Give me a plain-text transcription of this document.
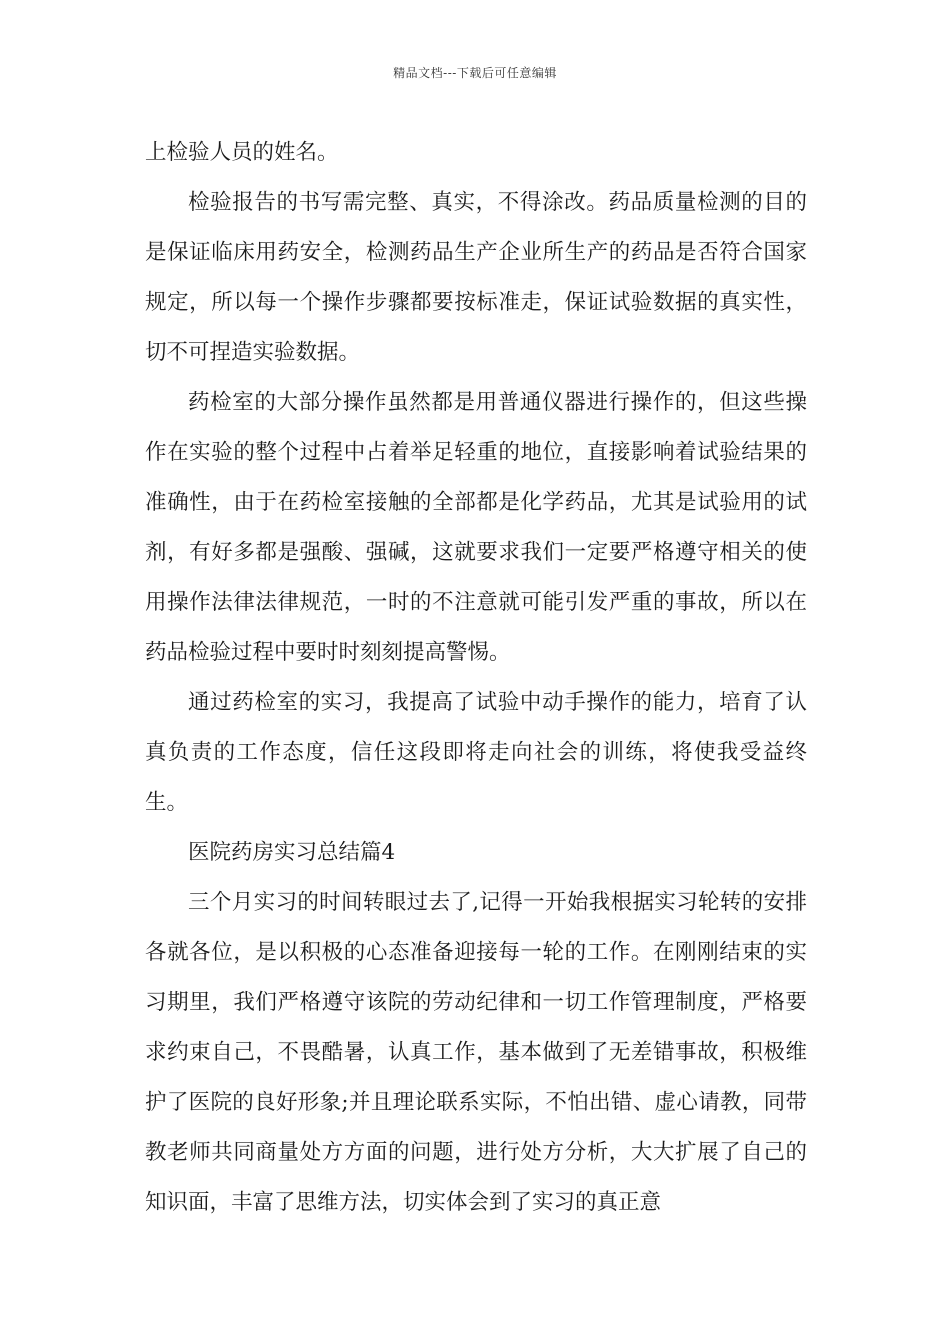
精品文档---下载后可任意编辑

上检验人员的姓名。

检验报告的书写需完整、真实，不得涂改。药品质量检测的目的是保证临床用药安全，检测药品生产企业所生产的药品是否符合国家规定，所以每一个操作步骤都要按标准走，保证试验数据的真实性，切不可捏造实验数据。

药检室的大部分操作虽然都是用普通仪器进行操作的，但这些操作在实验的整个过程中占着举足轻重的地位，直接影响着试验结果的准确性，由于在药检室接触的全部都是化学药品，尤其是试验用的试剂，有好多都是强酸、强碱，这就要求我们一定要严格遵守相关的使用操作法律法律规范，一时的不注意就可能引发严重的事故，所以在药品检验过程中要时时刻刻提高警惕。

通过药检室的实习，我提高了试验中动手操作的能力，培育了认真负责的工作态度，信任这段即将走向社会的训练，将使我受益终生。

医院药房实习总结篇4

三个月实习的时间转眼过去了,记得一开始我根据实习轮转的安排各就各位，是以积极的心态准备迎接每一轮的工作。在刚刚结束的实习期里，我们严格遵守该院的劳动纪律和一切工作管理制度，严格要求约束自己，不畏酷暑，认真工作，基本做到了无差错事故，积极维护了医院的良好形象;并且理论联系实际，不怕出错、虚心请教，同带教老师共同商量处方方面的问题，进行处方分析，大大扩展了自己的知识面，丰富了思维方法，切实体会到了实习的真正意
